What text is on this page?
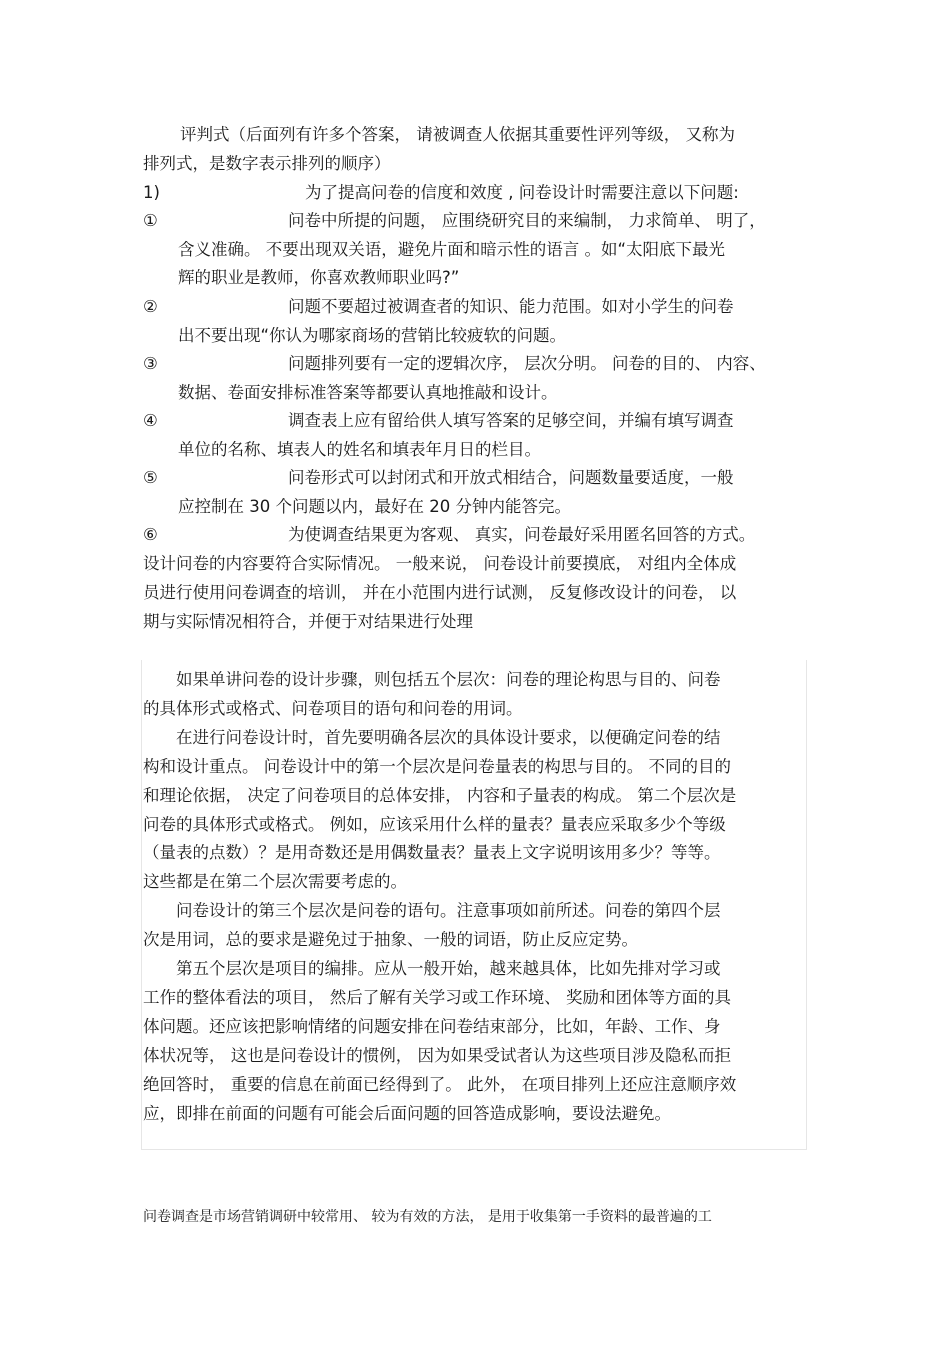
评判式（后面列有许多个答案， 请被调查人依据其重要性评列等级， 又称为
排列式，是数字表示排列的顺序）
1)	为了提高问卷的信度和效度 , 问卷设计时需要注意以下问题:
①	问卷中所提的问题， 应围绕研究目的来编制， 力求简单、 明了，
含义准确。 不要出现双关语，避免片面和暗示性的语言 。如“太阳底下最光
辉的职业是教师，你喜欢教师职业吗?”
②	问题不要超过被调查者的知识、能力范围。如对小学生的问卷
出不要出现“你认为哪家商场的营销比较疲软的问题。
③	问题排列要有一定的逻辑次序， 层次分明。 问卷的目的、 内容、
数据、卷面安排标准答案等都要认真地推敲和设计。
④	调查表上应有留给供人填写答案的足够空间，并编有填写调查
单位的名称、填表人的姓名和填表年月日的栏目。
⑤	问卷形式可以封闭式和开放式相结合，问题数量要适度，一般
应控制在 30 个问题以内，最好在 20 分钟内能答完。
⑥	为使调查结果更为客观、 真实，问卷最好采用匿名回答的方式。
设计问卷的内容要符合实际情况。 一般来说， 问卷设计前要摸底， 对组内全体成
员进行使用问卷调查的培训， 并在小范围内进行试测， 反复修改设计的问卷， 以
期与实际情况相符合，并便于对结果进行处理
如果单讲问卷的设计步骤，则包括五个层次：问卷的理论构思与目的、问卷
的具体形式或格式、问卷项目的语句和问卷的用词。
在进行问卷设计时，首先要明确各层次的具体设计要求，以便确定问卷的结
构和设计重点。 问卷设计中的第一个层次是问卷量表的构思与目的。 不同的目的
和理论依据， 决定了问卷项目的总体安排， 内容和子量表的构成。 第二个层次是
问卷的具体形式或格式。 例如，应该采用什么样的量表？量表应采取多少个等级
（量表的点数）？是用奇数还是用偶数量表？量表上文字说明该用多少？等等。
这些都是在第二个层次需要考虑的。
问卷设计的第三个层次是问卷的语句。注意事项如前所述。问卷的第四个层
次是用词，总的要求是避免过于抽象、一般的词语，防止反应定势。
第五个层次是项目的编排。应从一般开始，越来越具体，比如先排对学习或
工作的整体看法的项目， 然后了解有关学习或工作环境、 奖励和团体等方面的具
体问题。还应该把影响情绪的问题安排在问卷结束部分，比如，年龄、工作、身
体状况等， 这也是问卷设计的惯例， 因为如果受试者认为这些项目涉及隐私而拒
绝回答时， 重要的信息在前面已经得到了。 此外， 在项目排列上还应注意顺序效
应，即排在前面的问题有可能会后面问题的回答造成影响，要设法避免。
问卷调查是市场营销调研中较常用、 较为有效的方法， 是用于收集第一手资料的最普遍的工
